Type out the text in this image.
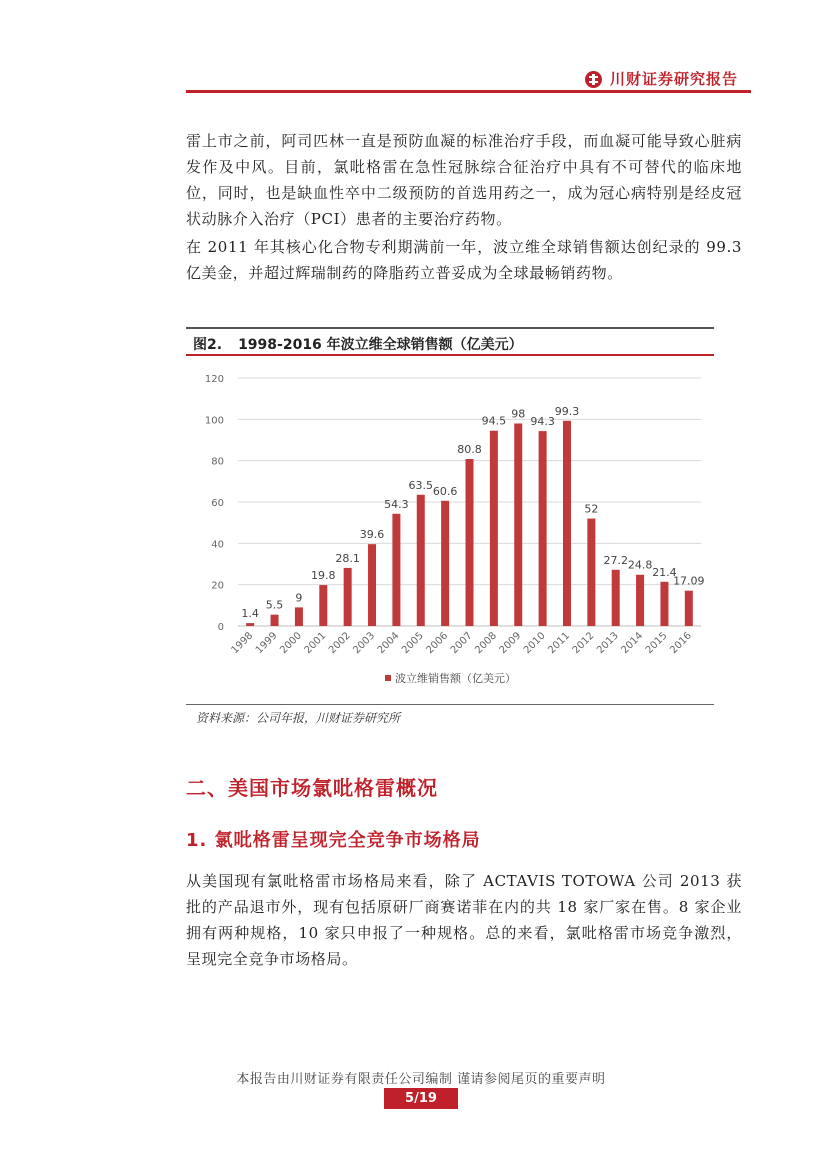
川财证券研究报告

雷上市之前，阿司匹林一直是预防血凝的标准治疗手段，而血凝可能导致心脏病发作及中风。目前，氯吡格雷在急性冠脉综合征治疗中具有不可替代的临床地位，同时，也是缺血性卒中二级预防的首选用药之一，成为冠心病特别是经皮冠状动脉介入治疗（PCI）患者的主要治疗药物。

在 2011 年其核心化合物专利期满前一年，波立维全球销售额达创纪录的 99.3 亿美金，并超过辉瑞制药的降脂药立普妥成为全球最畅销药物。

图2. 1998-2016 年波立维全球销售额（亿美元）
0
20
40
60
80
100
120
1.4
5.5
9
19.8
28.1
39.6
54.3
63.5 60.6
80.8
94.5
98
94.3
99.3
52
27.2 24.8
21.4
17.09
1998
1999
2000
2001
2002
2003
2004
2005
2006
2007
2008
2009
2010
2011
2012
2013
2014
2015
2016
波立维销售额（亿美元）
资料来源：公司年报，川财证券研究所
二、美国市场氯吡格雷概况
1. 氯吡格雷呈现完全竞争市场格局

从美国现有氯吡格雷市场格局来看，除了 ACTAVIS TOTOWA 公司 2013 获批的产品退市外，现有包括原研厂商赛诺菲在内的共 18 家厂家在售。8 家企业拥有两种规格，10 家只申报了一种规格。总的来看，氯吡格雷市场竞争激烈，呈现完全竞争市场格局。

本报告由川财证券有限责任公司编制 谨请参阅尾页的重要声明
5/19
